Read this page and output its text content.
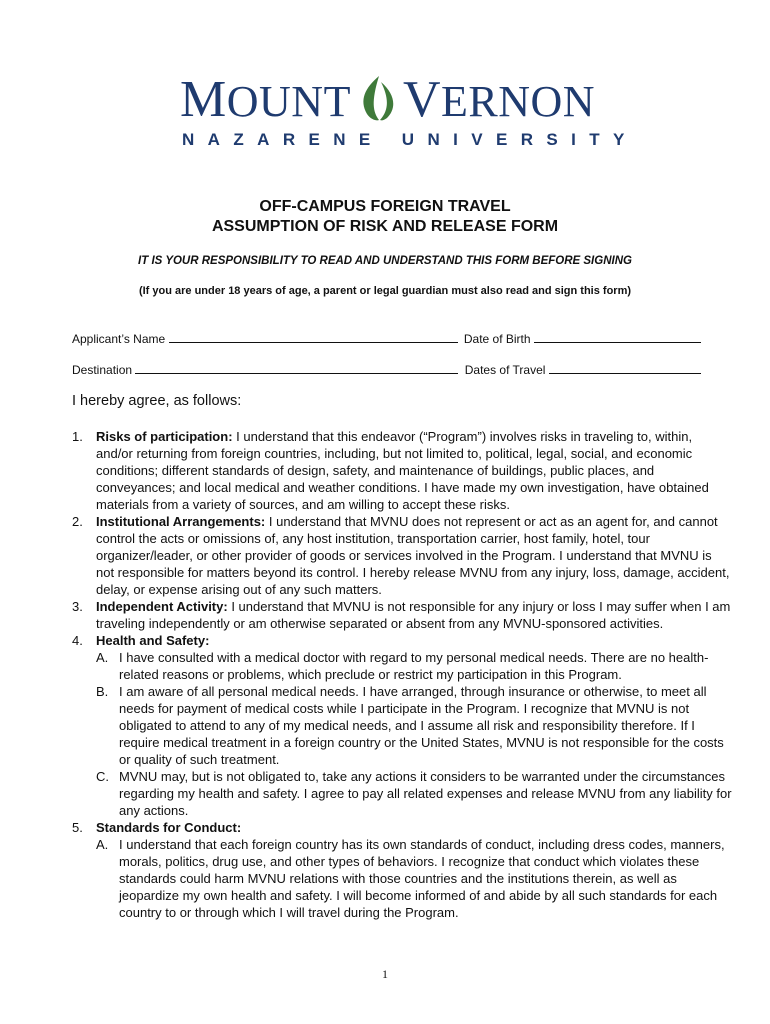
MOUNT VERNON
NAZARENE UNIVERSITY
OFF-CAMPUS FOREIGN TRAVEL
ASSUMPTION OF RISK AND RELEASE FORM
IT IS YOUR RESPONSIBILITY TO READ AND UNDERSTAND THIS FORM BEFORE SIGNING
(If you are under 18 years of age, a parent or legal guardian must also read and sign this form)
Applicant’s Name	Date of Birth
Destination	Dates of Travel
I hereby agree, as follows:
1. Risks of participation: I understand that this endeavor (“Program”) involves risks in traveling to, within, and/or returning from foreign countries, including, but not limited to, political, legal, social, and economic conditions; different standards of design, safety, and maintenance of buildings, public places, and conveyances; and local medical and weather conditions. I have made my own investigation, have obtained materials from a variety of sources, and am willing to accept these risks.
2. Institutional Arrangements: I understand that MVNU does not represent or act as an agent for, and cannot control the acts or omissions of, any host institution, transportation carrier, host family, hotel, tour organizer/leader, or other provider of goods or services involved in the Program. I understand that MVNU is not responsible for matters beyond its control. I hereby release MVNU from any injury, loss, damage, accident, delay, or expense arising out of any such matters.
3. Independent Activity: I understand that MVNU is not responsible for any injury or loss I may suffer when I am traveling independently or am otherwise separated or absent from any MVNU-sponsored activities.
4. Health and Safety:
A. I have consulted with a medical doctor with regard to my personal medical needs. There are no health-related reasons or problems, which preclude or restrict my participation in this Program.
B. I am aware of all personal medical needs. I have arranged, through insurance or otherwise, to meet all needs for payment of medical costs while I participate in the Program. I recognize that MVNU is not obligated to attend to any of my medical needs, and I assume all risk and responsibility therefore. If I require medical treatment in a foreign country or the United States, MVNU is not responsible for the costs or quality of such treatment.
C. MVNU may, but is not obligated to, take any actions it considers to be warranted under the circumstances regarding my health and safety. I agree to pay all related expenses and release MVNU from any liability for any actions.
5. Standards for Conduct:
A. I understand that each foreign country has its own standards of conduct, including dress codes, manners, morals, politics, drug use, and other types of behaviors. I recognize that conduct which violates these standards could harm MVNU relations with those countries and the institutions therein, as well as jeopardize my own health and safety. I will become informed of and abide by all such standards for each country to or through which I will travel during the Program.
1
